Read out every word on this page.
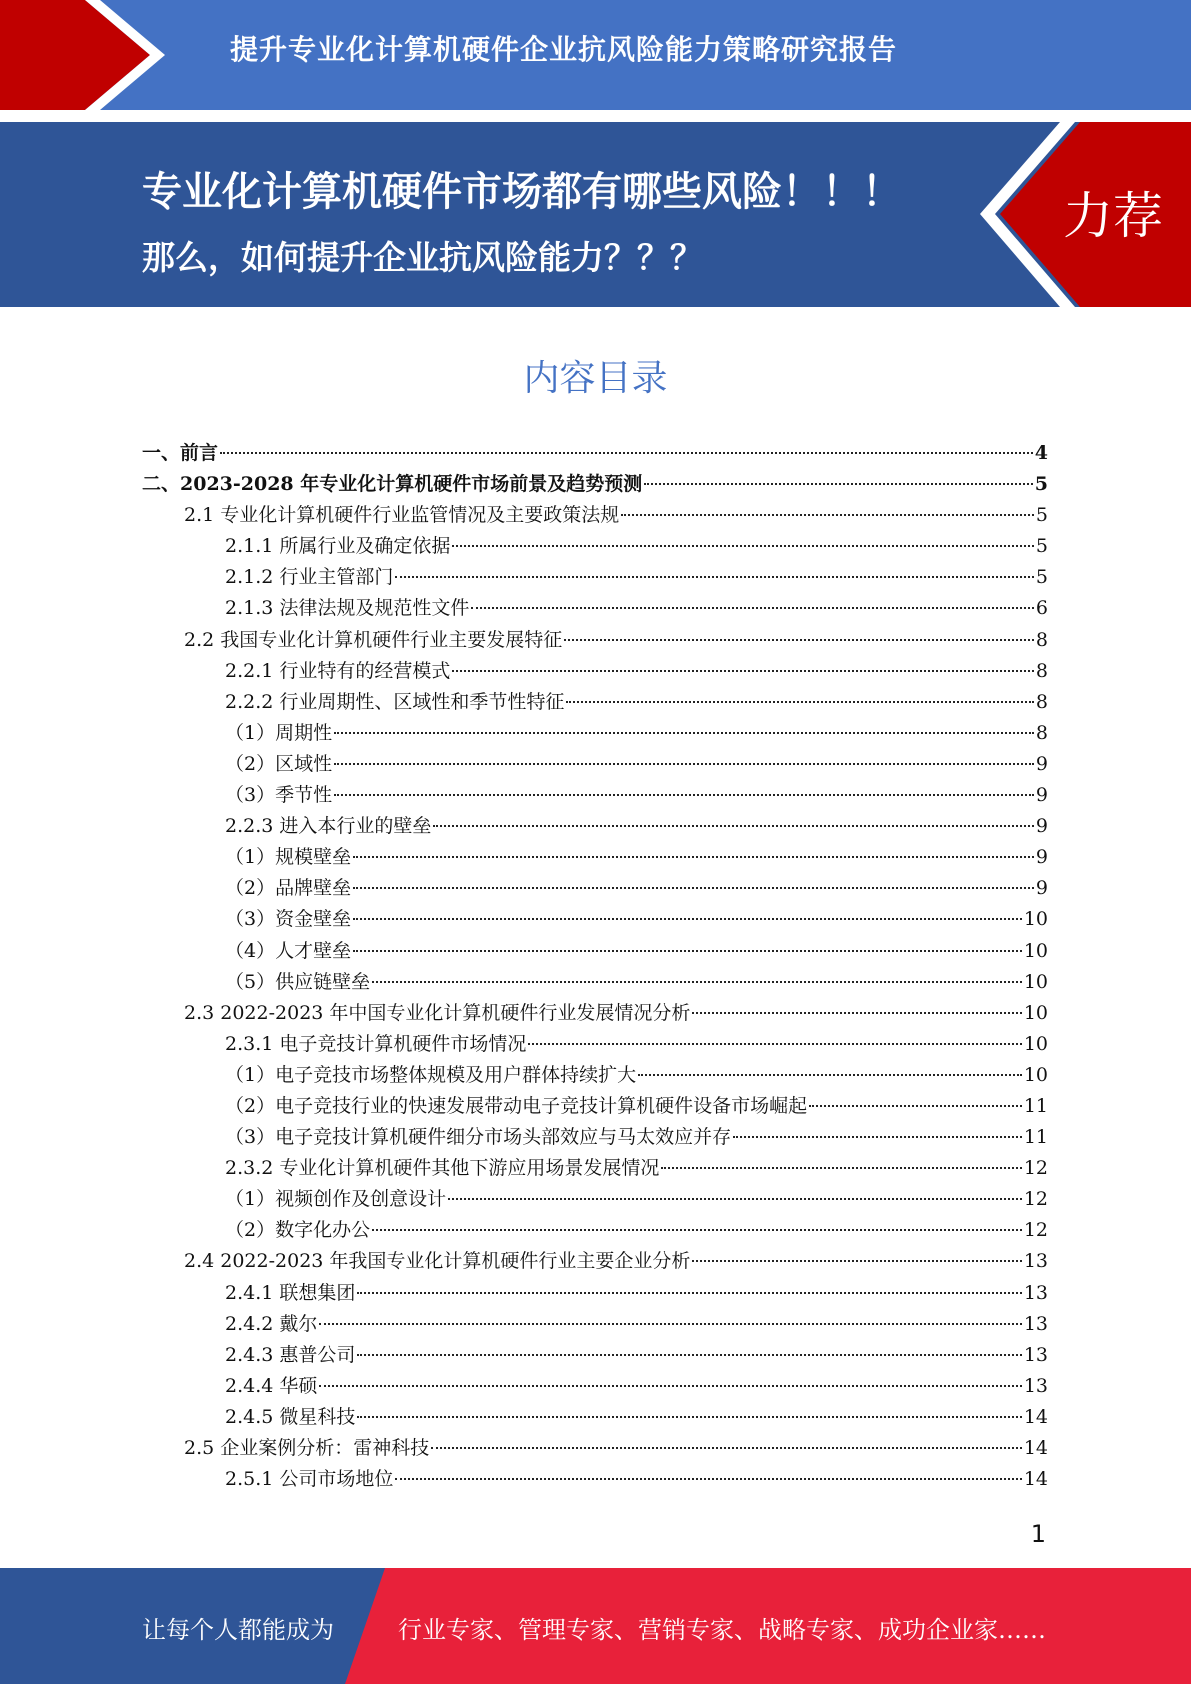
提升专业化计算机硬件企业抗风险能力策略研究报告
专业化计算机硬件市场都有哪些风险！！！
那么，如何提升企业抗风险能力？？？
力荐
内容目录
一、前言	4
二、2023-2028 年专业化计算机硬件市场前景及趋势预测	5
2.1 专业化计算机硬件行业监管情况及主要政策法规	5
2.1.1 所属行业及确定依据	5
2.1.2 行业主管部门	5
2.1.3 法律法规及规范性文件	6
2.2 我国专业化计算机硬件行业主要发展特征	8
2.2.1 行业特有的经营模式	8
2.2.2 行业周期性、区域性和季节性特征	8
（1）周期性	8
（2）区域性	9
（3）季节性	9
2.2.3 进入本行业的壁垒	9
（1）规模壁垒	9
（2）品牌壁垒	9
（3）资金壁垒	10
（4）人才壁垒	10
（5）供应链壁垒	10
2.3 2022-2023 年中国专业化计算机硬件行业发展情况分析	10
2.3.1 电子竞技计算机硬件市场情况	10
（1）电子竞技市场整体规模及用户群体持续扩大	10
（2）电子竞技行业的快速发展带动电子竞技计算机硬件设备市场崛起	11
（3）电子竞技计算机硬件细分市场头部效应与马太效应并存	11
2.3.2 专业化计算机硬件其他下游应用场景发展情况	12
（1）视频创作及创意设计	12
（2）数字化办公	12
2.4 2022-2023 年我国专业化计算机硬件行业主要企业分析	13
2.4.1 联想集团	13
2.4.2 戴尔	13
2.4.3 惠普公司	13
2.4.4 华硕	13
2.4.5 微星科技	14
2.5 企业案例分析：雷神科技	14
2.5.1 公司市场地位	14
1
让每个人都能成为	行业专家、管理专家、营销专家、战略专家、成功企业家……
